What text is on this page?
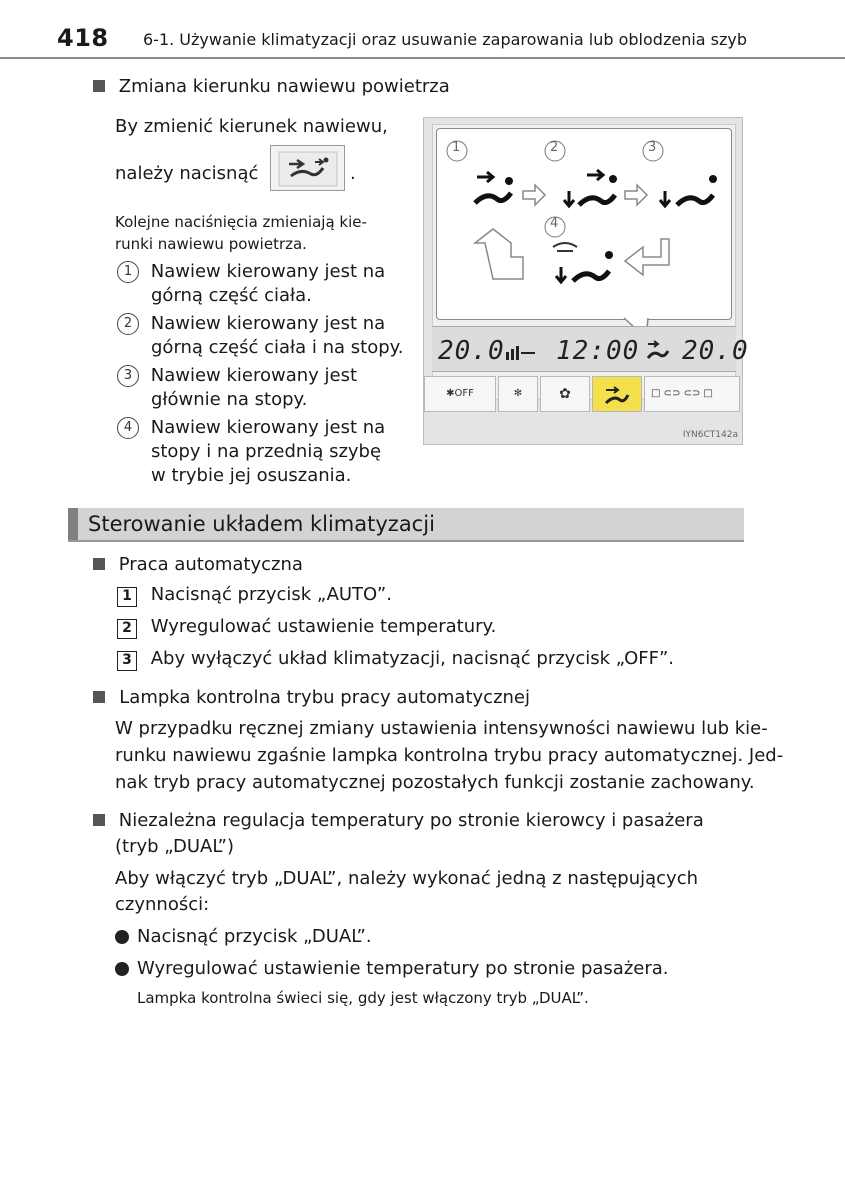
418 6-1. Używanie klimatyzacji oraz usuwanie zaparowania lub oblodzenia szyb
Zmiana kierunku nawiewu powietrza
By zmienić kierunek nawiewu,
należy nacisnąć	.
Kolejne naciśnięcia zmieniają kie-
runki nawiewu powietrza.
1 Nawiew kierowany jest na
górną część ciała.
2 Nawiew kierowany jest na
górną część ciała i na stopy.
3 Nawiew kierowany jest
głównie na stopy.
4 Nawiew kierowany jest na
stopy i na przednią szybę
w trybie jej osuszania.
1	2	3
4
20.0 12:00 20.0
✱OFF	✻	✿	□ ⊂⊃ ⊂⊃ □
IYN6CT142a
Sterowanie układem klimatyzacji
Praca automatyczna
1 Nacisnąć przycisk „AUTO”.
2 Wyregulować ustawienie temperatury.
3 Aby wyłączyć układ klimatyzacji, nacisnąć przycisk „OFF”.
Lampka kontrolna trybu pracy automatycznej
W przypadku ręcznej zmiany ustawienia intensywności nawiewu lub kie-
runku nawiewu zgaśnie lampka kontrolna trybu pracy automatycznej. Jed-
nak tryb pracy automatycznej pozostałych funkcji zostanie zachowany.
Niezależna regulacja temperatury po stronie kierowcy i pasażera
(tryb „DUAL”)
Aby włączyć tryb „DUAL”, należy wykonać jedną z następujących
czynności:
Nacisnąć przycisk „DUAL”.
Wyregulować ustawienie temperatury po stronie pasażera.
Lampka kontrolna świeci się, gdy jest włączony tryb „DUAL”.
